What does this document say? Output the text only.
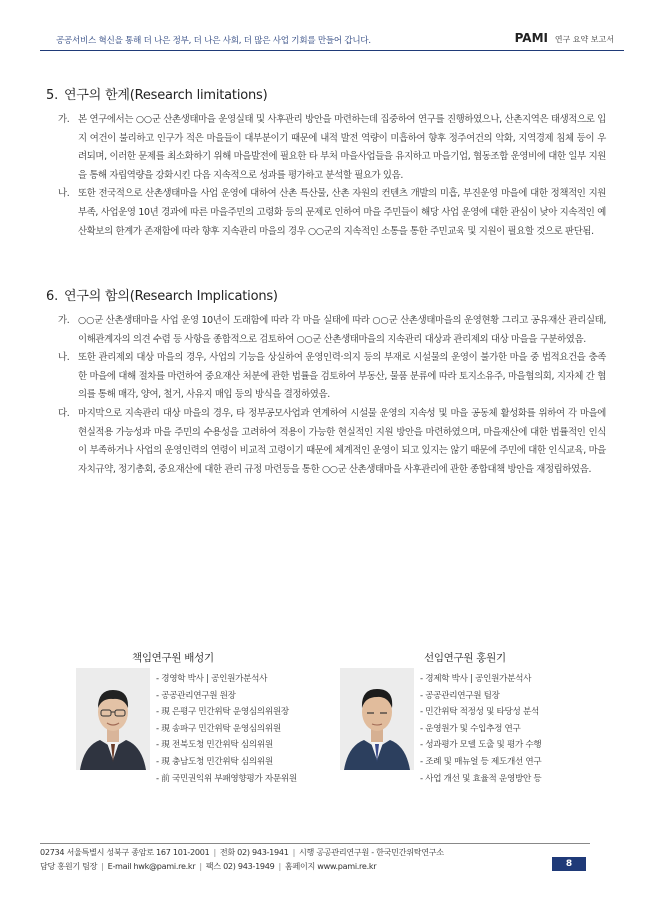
공공서비스 혁신을 통해 더 나은 정부, 더 나은 사회, 더 많은 사업 기회를 만들어 갑니다.	PAMI 연구 요약 보고서
5. 연구의 한계(Research limitations)
가. 본 연구에서는 ○○군 산촌생태마을 운영실태 및 사후관리 방안을 마련하는데 집중하여 연구를 진행하였으나, 산촌지역은 태생적으로 입지 여건이 불리하고 인구가 적은 마을들이 대부분이기 때문에 내적 발전 역량이 미흡하여 향후 정주여건의 악화, 지역경제 침체 등이 우려되며, 이러한 문제를 최소화하기 위해 마을발전에 필요한 타 부처 마을사업들을 유지하고 마을기업, 협동조합 운영비에 대한 일부 지원을 통해 자립역량을 강화시킨 다음 지속적으로 성과를 평가하고 분석할 필요가 있음.
나. 또한 전국적으로 산촌생태마을 사업 운영에 대하여 산촌 특산물, 산촌 자원의 컨텐츠 개발의 미흡, 부진운영 마을에 대한 정책적인 지원 부족, 사업운영 10년 경과에 따른 마을주민의 고령화 등의 문제로 인하여 마을 주민들이 해당 사업 운영에 대한 관심이 낮아 지속적인 예산확보의 한계가 존재함에 따라 향후 지속관리 마을의 경우 ○○군의 지속적인 소통을 통한 주민교육 및 지원이 필요할 것으로 판단됨.
6. 연구의 함의(Research Implications)
가. ○○군 산촌생태마을 사업 운영 10년이 도래함에 따라 각 마을 실태에 따라 ○○군 산촌생태마을의 운영현황 그리고 공유재산 관리실태, 이해관계자의 의견 수렴 등 사항을 종합적으로 검토하여 ○○군 산촌생태마을의 지속관리 대상과 관리제외 대상 마을을 구분하였음.
나. 또한 관리제외 대상 마을의 경우, 사업의 기능을 상실하여 운영인력·의지 등의 부재로 시설물의 운영이 불가한 마을 중 법적요건을 충족한 마을에 대해 절차를 마련하여 중요재산 처분에 관한 법률을 검토하여 부동산, 물품 분류에 따라 토지소유주, 마을협의회, 지자체 간 협의를 통해 매각, 양여, 철거, 사유지 매입 등의 방식을 결정하였음.
다. 마지막으로 지속관리 대상 마을의 경우, 타 정부공모사업과 연계하여 시설물 운영의 지속성 및 마을 공동체 활성화를 위하여 각 마을에 현실적용 가능성과 마을 주민의 수용성을 고려하여 적용이 가능한 현실적인 지원 방안을 마련하였으며, 마을재산에 대한 법률적인 인식이 부족하거나 사업의 운영인력의 연령이 비교적 고령이기 때문에 체계적인 운영이 되고 있지는 않기 때문에 주민에 대한 인식교육, 마을 자치규약, 정기총회, 중요재산에 대한 관리 규정 마련등을 통한 ○○군 산촌생태마을 사후관리에 관한 종합대책 방안을 재정립하였음.
책임연구원 배성기
- 경영학 박사 | 공인원가분석사
- 공공관리연구원 원장
- 現 은평구 민간위탁 운영심의위원장
- 現 송파구 민간위탁 운영심의위원
- 現 전북도청 민간위탁 심의위원
- 現 충남도청 민간위탁 심의위원
- 前 국민권익위 부패영향평가 자문위원
선임연구원 홍원기
- 경제학 박사 | 공인원가분석사
- 공공관리연구원 팀장
- 민간위탁 적정성 및 타당성 분석
- 운영원가 및 수입추정 연구
- 성과평가 모델 도출 및 평가 수행
- 조례 및 매뉴얼 등 제도개선 연구
- 사업 개선 및 효율적 운영방안 등
02734 서울특별시 성북구 종암로 167 101-2001 | 전화 02) 943-1941 | 시행 공공관리연구원 - 한국민간위탁연구소
담당 홍원기 팀장 | E-mail hwk@pami.re.kr | 팩스 02) 943-1949 | 홈페이지 www.pami.re.kr	8
